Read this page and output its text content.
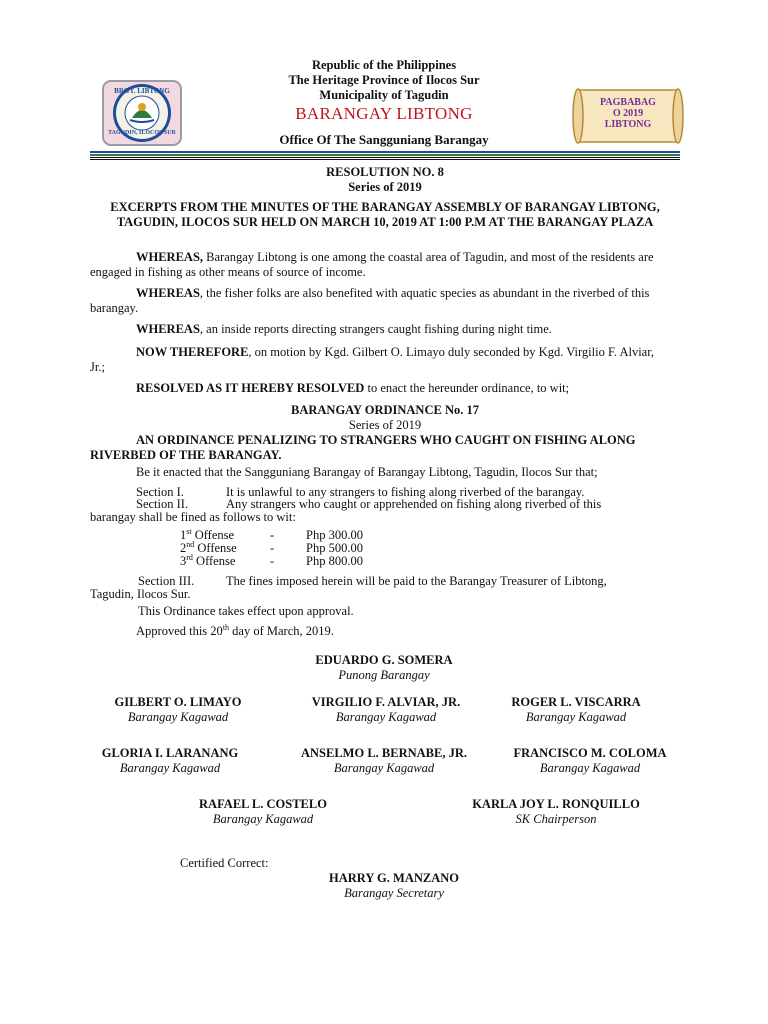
BRGY. LIBTONG
TAGUDIN, ILOCOS SUR
Republic of the Philippines
The Heritage Province of Ilocos Sur
Municipality of Tagudin
BARANGAY LIBTONG
Office Of The Sangguniang Barangay
PAGBABAG
O 2019
LIBTONG
RESOLUTION NO. 8
Series of 2019
EXCERPTS FROM THE MINUTES OF THE BARANGAY ASSEMBLY OF BARANGAY LIBTONG, TAGUDIN, ILOCOS SUR HELD ON MARCH 10, 2019 AT 1:00 P.M AT THE BARANGAY PLAZA
WHEREAS, Barangay Libtong is one among the coastal area of Tagudin, and most of the residents are engaged in fishing as other means of source of income.
WHEREAS, the fisher folks are also benefited with aquatic species as abundant in the riverbed of this barangay.
WHEREAS, an inside reports directing strangers caught fishing during night time.
NOW THEREFORE, on motion by Kgd. Gilbert O. Limayo duly seconded by Kgd. Virgilio F. Alviar, Jr.;
RESOLVED AS IT HEREBY RESOLVED to enact the hereunder ordinance, to wit;
BARANGAY ORDINANCE No. 17
Series of 2019
AN ORDINANCE PENALIZING TO STRANGERS WHO CAUGHT ON FISHING ALONG RIVERBED OF THE BARANGAY.
Be it enacted that the Sangguniang Barangay of Barangay Libtong, Tagudin, Ilocos Sur that;
Section I.	It is unlawful to any strangers to fishing along riverbed of the barangay.
Section II.	Any strangers who caught or apprehended on fishing along riverbed of this
barangay shall be fined as follows to wit:
1st Offense	-	Php 300.00
2nd Offense	-	Php 500.00
3rd Offense	-	Php 800.00
Section III.	The fines imposed herein will be paid to the Barangay Treasurer of Libtong,
Tagudin, Ilocos Sur.
This Ordinance takes effect upon approval.
Approved this 20th day of March, 2019.
EDUARDO G. SOMERA
Punong Barangay
GILBERT O. LIMAYO
Barangay Kagawad
VIRGILIO F. ALVIAR, JR.
Barangay Kagawad
ROGER L. VISCARRA
Barangay Kagawad
GLORIA I. LARANANG
Barangay Kagawad
ANSELMO L. BERNABE, JR.
Barangay Kagawad
FRANCISCO M. COLOMA
Barangay Kagawad
RAFAEL L. COSTELO
Barangay Kagawad
KARLA JOY L. RONQUILLO
SK Chairperson
Certified Correct:
HARRY G. MANZANO
Barangay Secretary
